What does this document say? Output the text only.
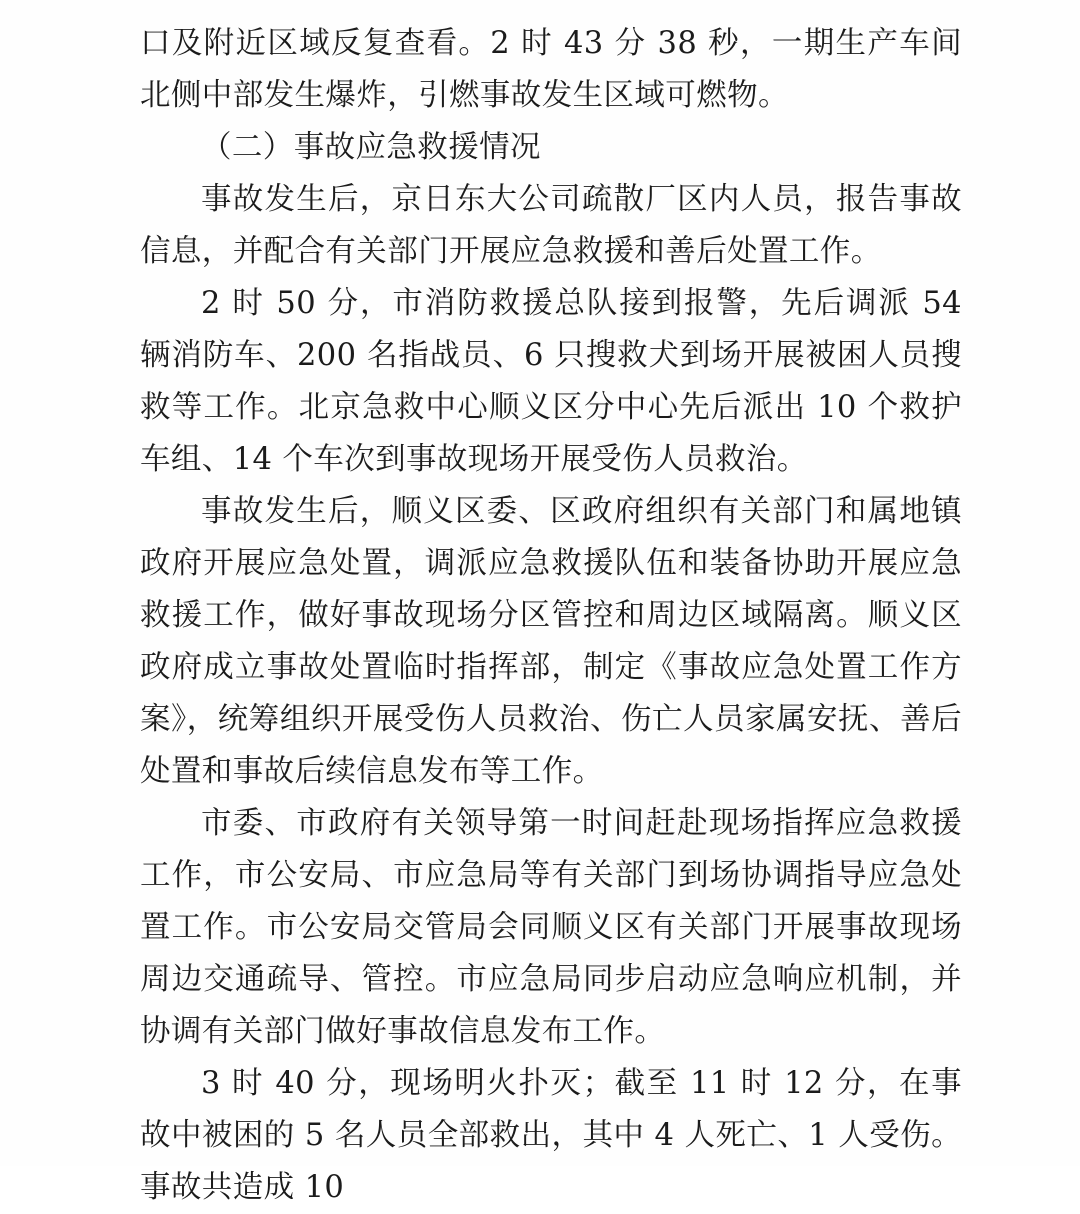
口及附近区域反复查看。2 时 43 分 38 秒，一期生产车间北侧中部发生爆炸，引燃事故发生区域可燃物。

（二）事故应急救援情况

事故发生后，京日东大公司疏散厂区内人员，报告事故信息，并配合有关部门开展应急救援和善后处置工作。

2 时 50 分，市消防救援总队接到报警，先后调派 54 辆消防车、200 名指战员、6 只搜救犬到场开展被困人员搜救等工作。北京急救中心顺义区分中心先后派出 10 个救护车组、14 个车次到事故现场开展受伤人员救治。

事故发生后，顺义区委、区政府组织有关部门和属地镇政府开展应急处置，调派应急救援队伍和装备协助开展应急救援工作，做好事故现场分区管控和周边区域隔离。顺义区政府成立事故处置临时指挥部，制定《事故应急处置工作方案》，统筹组织开展受伤人员救治、伤亡人员家属安抚、善后处置和事故后续信息发布等工作。

市委、市政府有关领导第一时间赶赴现场指挥应急救援工作，市公安局、市应急局等有关部门到场协调指导应急处置工作。市公安局交管局会同顺义区有关部门开展事故现场周边交通疏导、管控。市应急局同步启动应急响应机制，并协调有关部门做好事故信息发布工作。

3 时 40 分，现场明火扑灭；截至 11 时 12 分，在事故中被困的 5 名人员全部救出，其中 4 人死亡、1 人受伤。事故共造成 10
